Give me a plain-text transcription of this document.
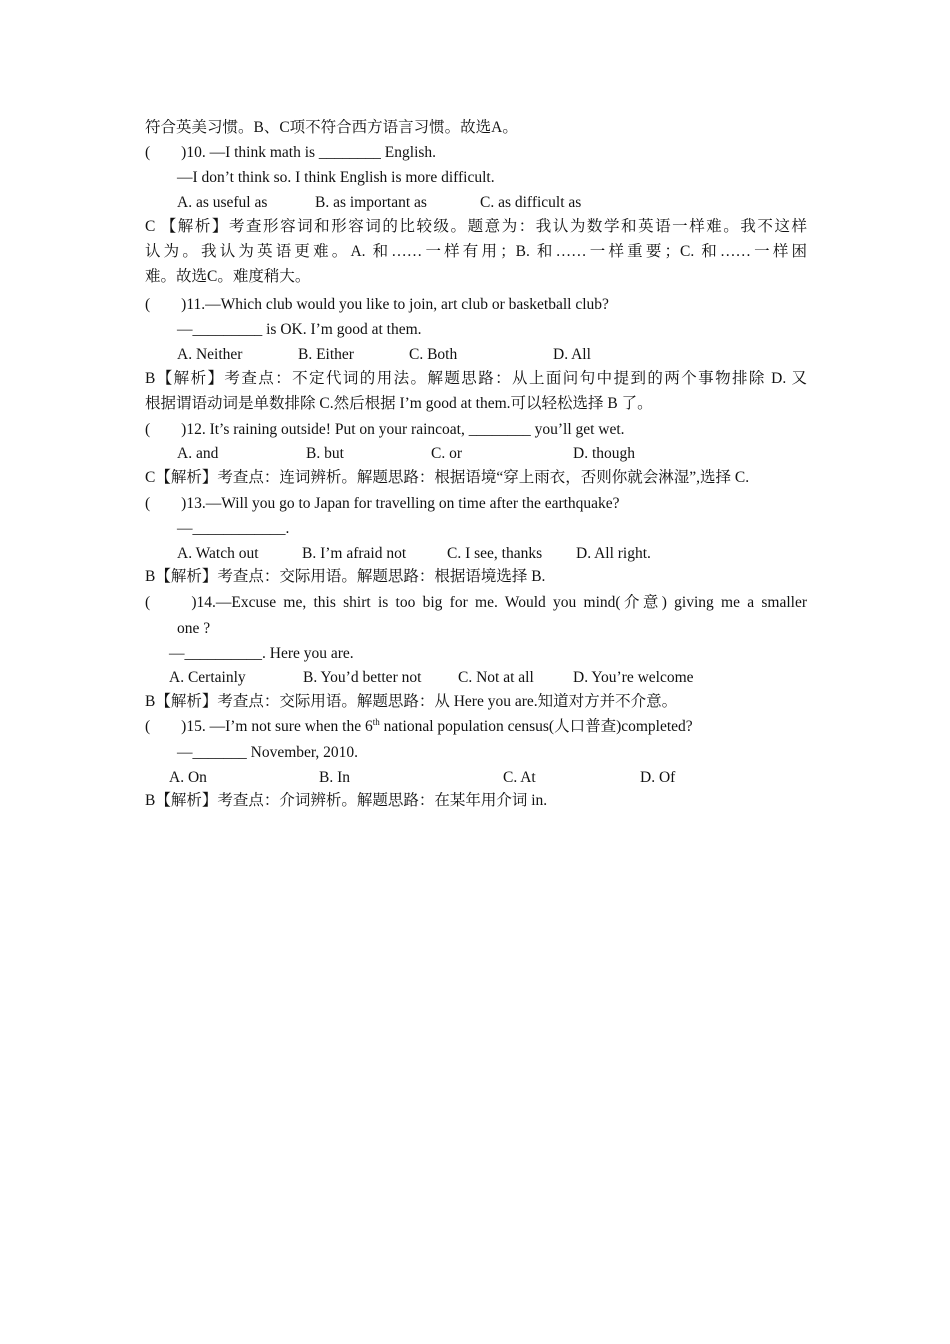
符合英美习惯。B、C项不符合西方语言习惯。故选A。
(　　)10. —I think math is ________ English.
—I don’t think so. I think English is more difficult.
A. as useful as	B. as important as	C. as difficult as
C 【解析】考查形容词和形容词的比较级。题意为：我认为数学和英语一样难。我不这样
认为。我认为英语更难。A. 和……一样有用；B. 和……一样重要；C. 和……一样困
难。故选C。难度稍大。
(　　)11.—Which club would you like to join, art club or basketball club?
—_________ is OK. I’m good at them.
A. Neither	B. Either	C. Both	D. All
B【解析】考查点：不定代词的用法。解题思路：从上面问句中提到的两个事物排除 D. 又
根据谓语动词是单数排除 C.然后根据 I’m good at them.可以轻松选择 B 了。
(　　)12. It’s raining outside! Put on your raincoat, ________ you’ll get wet.
A. and	B. but	C. or	D. though
C【解析】考查点：连词辨析。解题思路：根据语境“穿上雨衣，否则你就会淋湿”,选择 C.
(　　)13.—Will you go to Japan for travelling on time after the earthquake?
—____________.
A. Watch out	B. I’m afraid not	C. I see, thanks D. All right.
B【解析】考查点：交际用语。解题思路：根据语境选择 B.
(　　)14.—Excuse me, this shirt is too big for me. Would you mind(介意) giving me a smaller
one ?
—__________. Here you are.
A. Certainly	B. You’d better not C. Not at all	D. You’re welcome
B【解析】考查点：交际用语。解题思路：从 Here you are.知道对方并不介意。
(　　)15. —I’m not sure when the 6th national population census(人口普查)completed?
—_______ November, 2010.
A. On	B. In	C. At	D. Of
B【解析】考查点：介词辨析。解题思路：在某年用介词 in.
